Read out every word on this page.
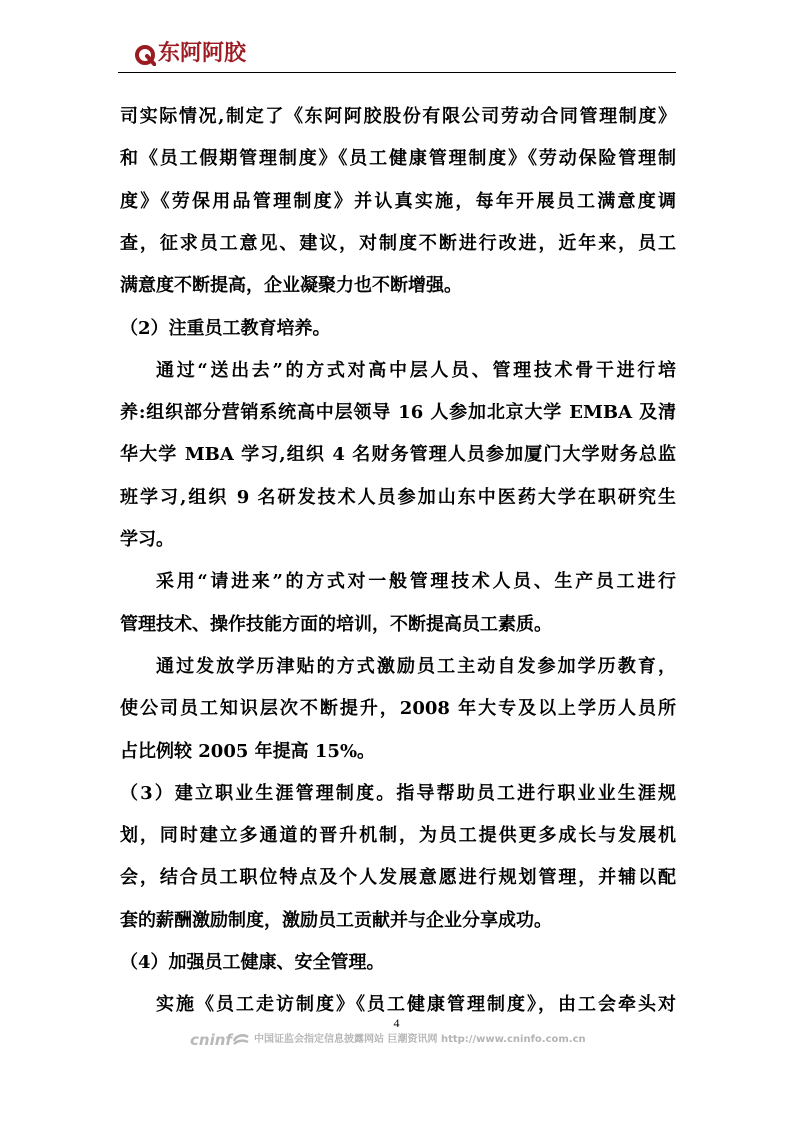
东阿阿胶
司实际情况,制定了《东阿阿胶股份有限公司劳动合同管理制度》
和《员工假期管理制度》《员工健康管理制度》《劳动保险管理制
度》《劳保用品管理制度》并认真实施，每年开展员工满意度调
查，征求员工意见、建议，对制度不断进行改进，近年来，员工
满意度不断提高，企业凝聚力也不断增强。
（2）注重员工教育培养。
通过“送出去”的方式对高中层人员、管理技术骨干进行培
养:组织部分营销系统高中层领导 16 人参加北京大学 EMBA 及清
华大学 MBA 学习,组织 4 名财务管理人员参加厦门大学财务总监
班学习,组织 9 名研发技术人员参加山东中医药大学在职研究生
学习。
采用“请进来”的方式对一般管理技术人员、生产员工进行
管理技术、操作技能方面的培训，不断提高员工素质。
通过发放学历津贴的方式激励员工主动自发参加学历教育，
使公司员工知识层次不断提升，2008 年大专及以上学历人员所
占比例较 2005 年提高 15%。
（3）建立职业生涯管理制度。指导帮助员工进行职业业生涯规
划，同时建立多通道的晋升机制，为员工提供更多成长与发展机
会，结合员工职位特点及个人发展意愿进行规划管理，并辅以配
套的薪酬激励制度，激励员工贡献并与企业分享成功。
（4）加强员工健康、安全管理。
实施《员工走访制度》《员工健康管理制度》，由工会牵头对
4
cninf 中国证监会指定信息披露网站 巨潮资讯网 http://www.cninfo.com.cn
